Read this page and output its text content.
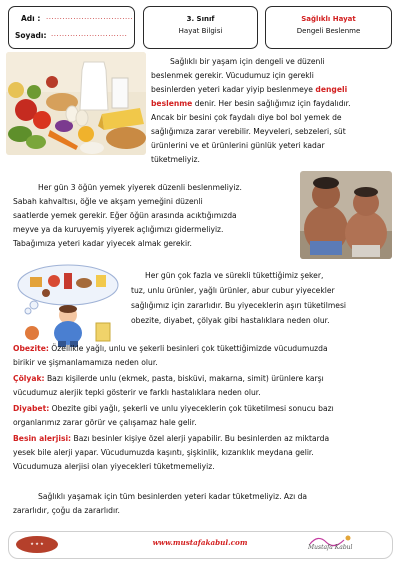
Adı : ................................
Soyadı: ............................
3. Sınıf
Hayat Bilgisi
Sağlıklı Hayat
Dengeli Beslenme

Sağlıklı bir yaşam için dengeli ve düzenli

beslenmek gerekir. Vücudumuz için gerekli

besinlerden yeteri kadar yiyip beslenmeye dengeli

beslenme denir. Her besin sağlığımız için faydalıdır.

Ancak bir besini çok faydalı diye bol bol yemek de

sağlığımıza zarar verebilir. Meyveleri, sebzeleri, süt

ürünlerini ve et ürünlerini günlük yeteri kadar

tüketmeliyiz.

Her gün 3 öğün yemek yiyerek düzenli beslenmeliyiz.

Sabah kahvaltısı, öğle ve akşam yemeğini düzenli

saatlerde yemek gerekir. Eğer öğün arasında acıktığımızda

meyve ya da kuruyemiş yiyerek açlığımızı gidermeliyiz.

Tabağımıza yeteri kadar yiyecek almak gerekir.

Her gün çok fazla ve sürekli tükettiğimiz şeker,

tuz, unlu ürünler, yağlı ürünler, abur cubur yiyecekler

sağlığımız için zararlıdır. Bu yiyeceklerin aşırı tüketilmesi

obezite, diyabet, çölyak gibi hastalıklara neden olur.

Obezite: Özellikle yağlı, unlu ve şekerli besinleri çok tükettiğimizde vücudumuzda

birikir ve şişmanlamamıza neden olur.

Çölyak: Bazı kişilerde unlu (ekmek, pasta, bisküvi, makarna, simit) ürünlere karşı

vücudumuz alerjik tepki gösterir ve farklı hastalıklara neden olur.

Diyabet: Obezite gibi yağlı, şekerli ve unlu yiyeceklerin çok tüketilmesi sonucu bazı

organlarımız zarar görür ve çalışamaz hale gelir.

Besin alerjisi: Bazı besinler kişiye özel alerji yapabilir. Bu besinlerden az miktarda

yesek bile alerji yapar. Vücudumuzda kaşıntı, şişkinlik, kızarıklık meydana gelir.

Vücudumuza alerjisi olan yiyecekleri tüketmemeliyiz.

Sağlıklı yaşamak için tüm besinlerden yeteri kadar tüketmeliyiz. Azı da

zararlıdır, çoğu da zararlıdır.

★ ★ ★	www.mustafakabul.com
Mustafa Kabul
